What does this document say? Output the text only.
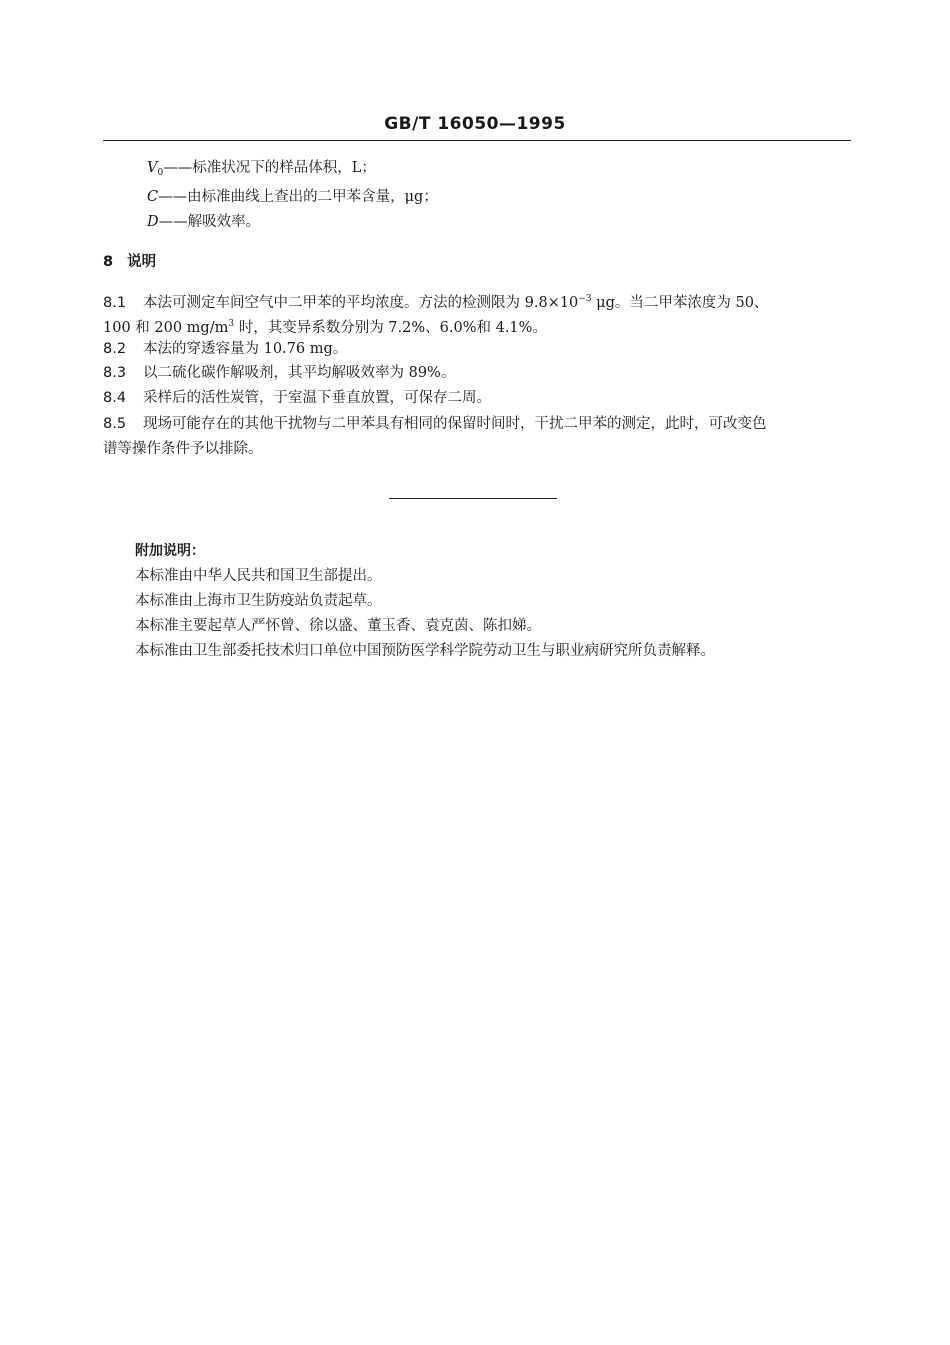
GB/T 16050—1995
$V_0——$标准状况下的样品体积，L；
C——由标准曲线上查出的二甲苯含量，μg；
D——解吸效率。
8 说明
8.1 本法可测定车间空气中二甲苯的平均浓度。方法的检测限为 $9.8\times 10^{-3}$ μg。当二甲苯浓度为 50、
100 和 200 $mg/m^3$ 时，其变异系数分别为 7.2%、6.0%和 4.1%。
8.2 本法的穿透容量为 10.76 mg。
8.3 以二硫化碳作解吸剂，其平均解吸效率为 89%。
8.4 采样后的活性炭管，于室温下垂直放置，可保存二周。
8.5 现场可能存在的其他干扰物与二甲苯具有相同的保留时间时，干扰二甲苯的测定，此时，可改变色
谱等操作条件予以排除。
附加说明：
本标准由中华人民共和国卫生部提出。
本标准由上海市卫生防疫站负责起草。
本标准主要起草人严怀曾、徐以盛、董玉香、袁克茵、陈扣娣。
本标准由卫生部委托技术归口单位中国预防医学科学院劳动卫生与职业病研究所负责解释。
